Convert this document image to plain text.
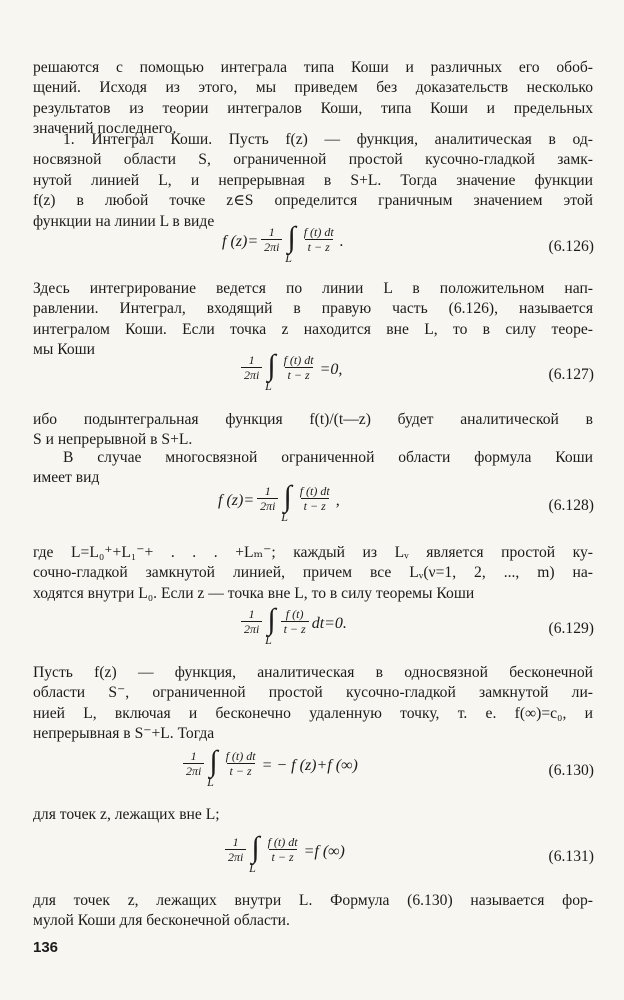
решаются с помощью интеграла типа Коши и различных его обоб-
щений. Исходя из этого, мы приведем без доказательств несколько
результатов из теории интегралов Коши, типа Коши и предельных
значений последнего.
1. Интеграл Коши. Пусть f(z) — функция, аналитическая в од-
носвязной области S, ограниченной простой кусочно-гладкой замк-
нутой линией L, и непрерывная в S+L. Тогда значение функции
f(z) в любой точке z∈S определится граничным значением этой
функции на линии L в виде
f $(z)= \frac{1}{2\pi i}$ ∫
L
$\frac{f (t) dt}{t - z}$ .	(6.126)
Здесь интегрирование ведется по линии L в положительном нап-
равлении. Интеграл, входящий в правую часть (6.126), называется
интегралом Коши. Если точка z находится вне L, то в силу теоре-
мы Коши
$\frac{1}{2\pi i}$ ∫
L
$\frac{f (t) dt}{t - z} =0$,	(6.127)
ибо подынтегральная функция f(t)/(t—z) будет аналитической в
S и непрерывной в S+L.
В случае многосвязной ограниченной области формула Коши
имеет вид
f $(z)= \frac{1}{2\pi i}$ ∫
L
$\frac{f (t) dt}{t - z}$ ,	(6.128)
где L=L₀⁺+L₁⁻+ . . . +Lₘ⁻; каждый из Lᵥ является простой ку-
сочно-гладкой замкнутой линией, причем все Lᵥ(ν=1, 2, ..., m) на-
ходятся внутри L₀. Если z — точка вне L, то в силу теоремы Коши
$\frac{1}{2\pi i}$ ∫
L
$\frac{f (t)}{t - z} dt=0$.	(6.129)
Пусть f(z) — функция, аналитическая в односвязной бесконечной
области S⁻, ограниченной простой кусочно-гладкой замкнутой ли-
нией L, включая и бесконечно удаленную точку, т. е. f(∞)=c₀, и
непрерывная в S⁻+L. Тогда
$\frac{1}{2\pi i}$ ∫
L
$\frac{f (t) dt}{t - z}$ = − f (z)+f (∞)	(6.130)
для точек z, лежащих вне L;
$\frac{1}{2\pi i}$ ∫
L
$\frac{f (t) dt}{t - z} =f$ (∞)	(6.131)
для точек z, лежащих внутри L. Формула (6.130) называется фор-
мулой Коши для бесконечной области.
136
